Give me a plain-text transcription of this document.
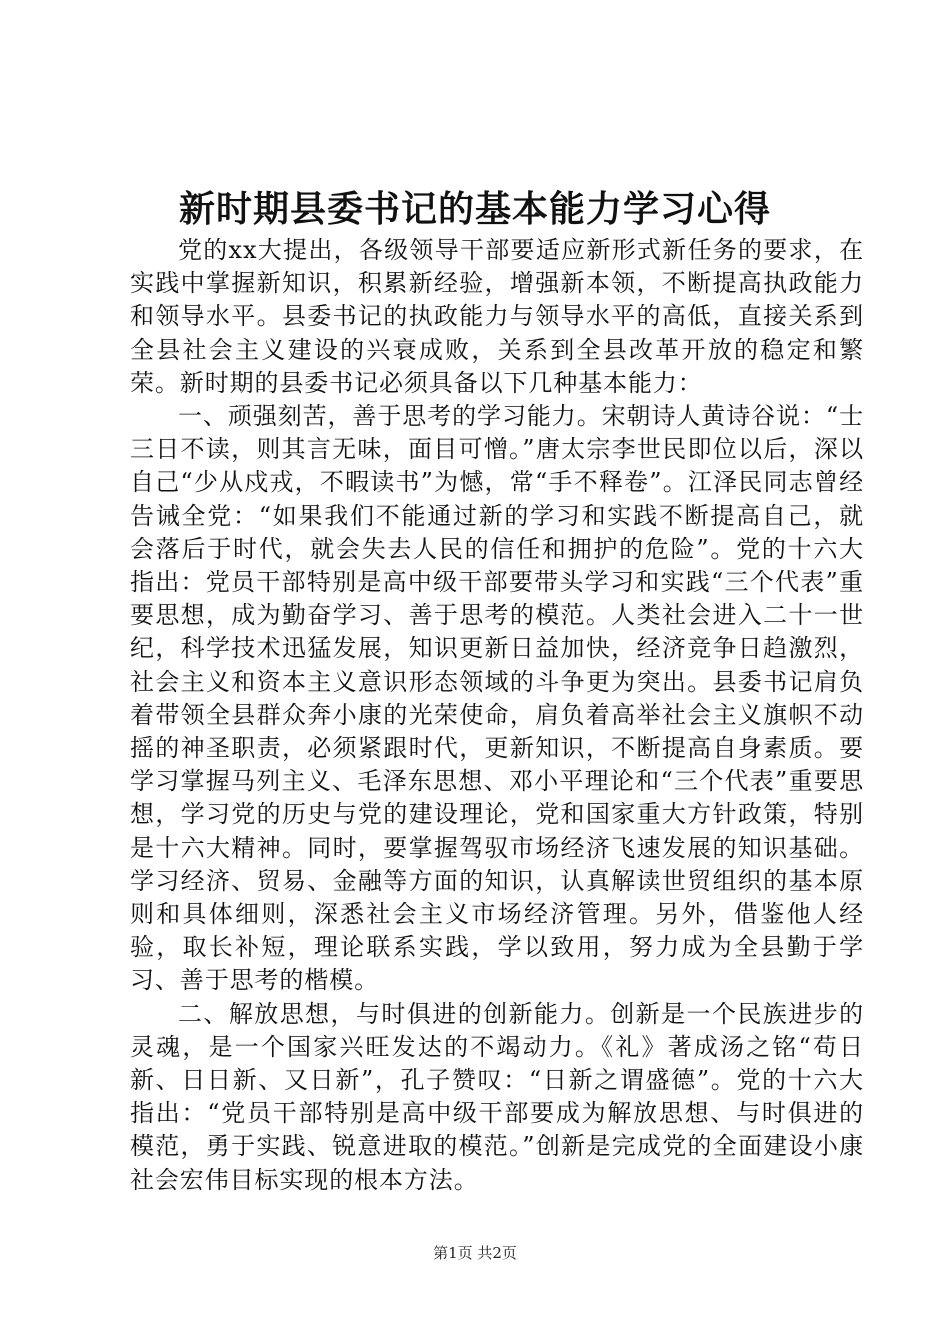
新时期县委书记的基本能力学习心得

党的xx大提出，各级领导干部要适应新形式新任务的要求，在实践中掌握新知识，积累新经验，增强新本领，不断提高执政能力和领导水平。县委书记的执政能力与领导水平的高低，直接关系到全县社会主义建设的兴衰成败，关系到全县改革开放的稳定和繁荣。新时期的县委书记必须具备以下几种基本能力：

一、顽强刻苦，善于思考的学习能力。宋朝诗人黄诗谷说：“士三日不读，则其言无味，面目可憎。”唐太宗李世民即位以后，深以自己“少从戍戎，不暇读书”为憾，常“手不释卷”。江泽民同志曾经告诫全党：“如果我们不能通过新的学习和实践不断提高自己，就会落后于时代，就会失去人民的信任和拥护的危险”。党的十六大指出：党员干部特别是高中级干部要带头学习和实践“三个代表”重要思想，成为勤奋学习、善于思考的模范。人类社会进入二十一世纪，科学技术迅猛发展，知识更新日益加快，经济竞争日趋激烈，社会主义和资本主义意识形态领域的斗争更为突出。县委书记肩负着带领全县群众奔小康的光荣使命，肩负着高举社会主义旗帜不动摇的神圣职责，必须紧跟时代，更新知识，不断提高自身素质。要学习掌握马列主义、毛泽东思想、邓小平理论和“三个代表”重要思想，学习党的历史与党的建设理论，党和国家重大方针政策，特别是十六大精神。同时，要掌握驾驭市场经济飞速发展的知识基础。学习经济、贸易、金融等方面的知识，认真解读世贸组织的基本原则和具体细则，深悉社会主义市场经济管理。另外，借鉴他人经验，取长补短，理论联系实践，学以致用，努力成为全县勤于学习、善于思考的楷模。

二、解放思想，与时俱进的创新能力。创新是一个民族进步的灵魂，是一个国家兴旺发达的不竭动力。《礼》著成汤之铭“苟日新、日日新、又日新”，孔子赞叹：“日新之谓盛德”。党的十六大指出：“党员干部特别是高中级干部要成为解放思想、与时俱进的模范，勇于实践、锐意进取的模范。”创新是完成党的全面建设小康社会宏伟目标实现的根本方法。

第1页 共2页
